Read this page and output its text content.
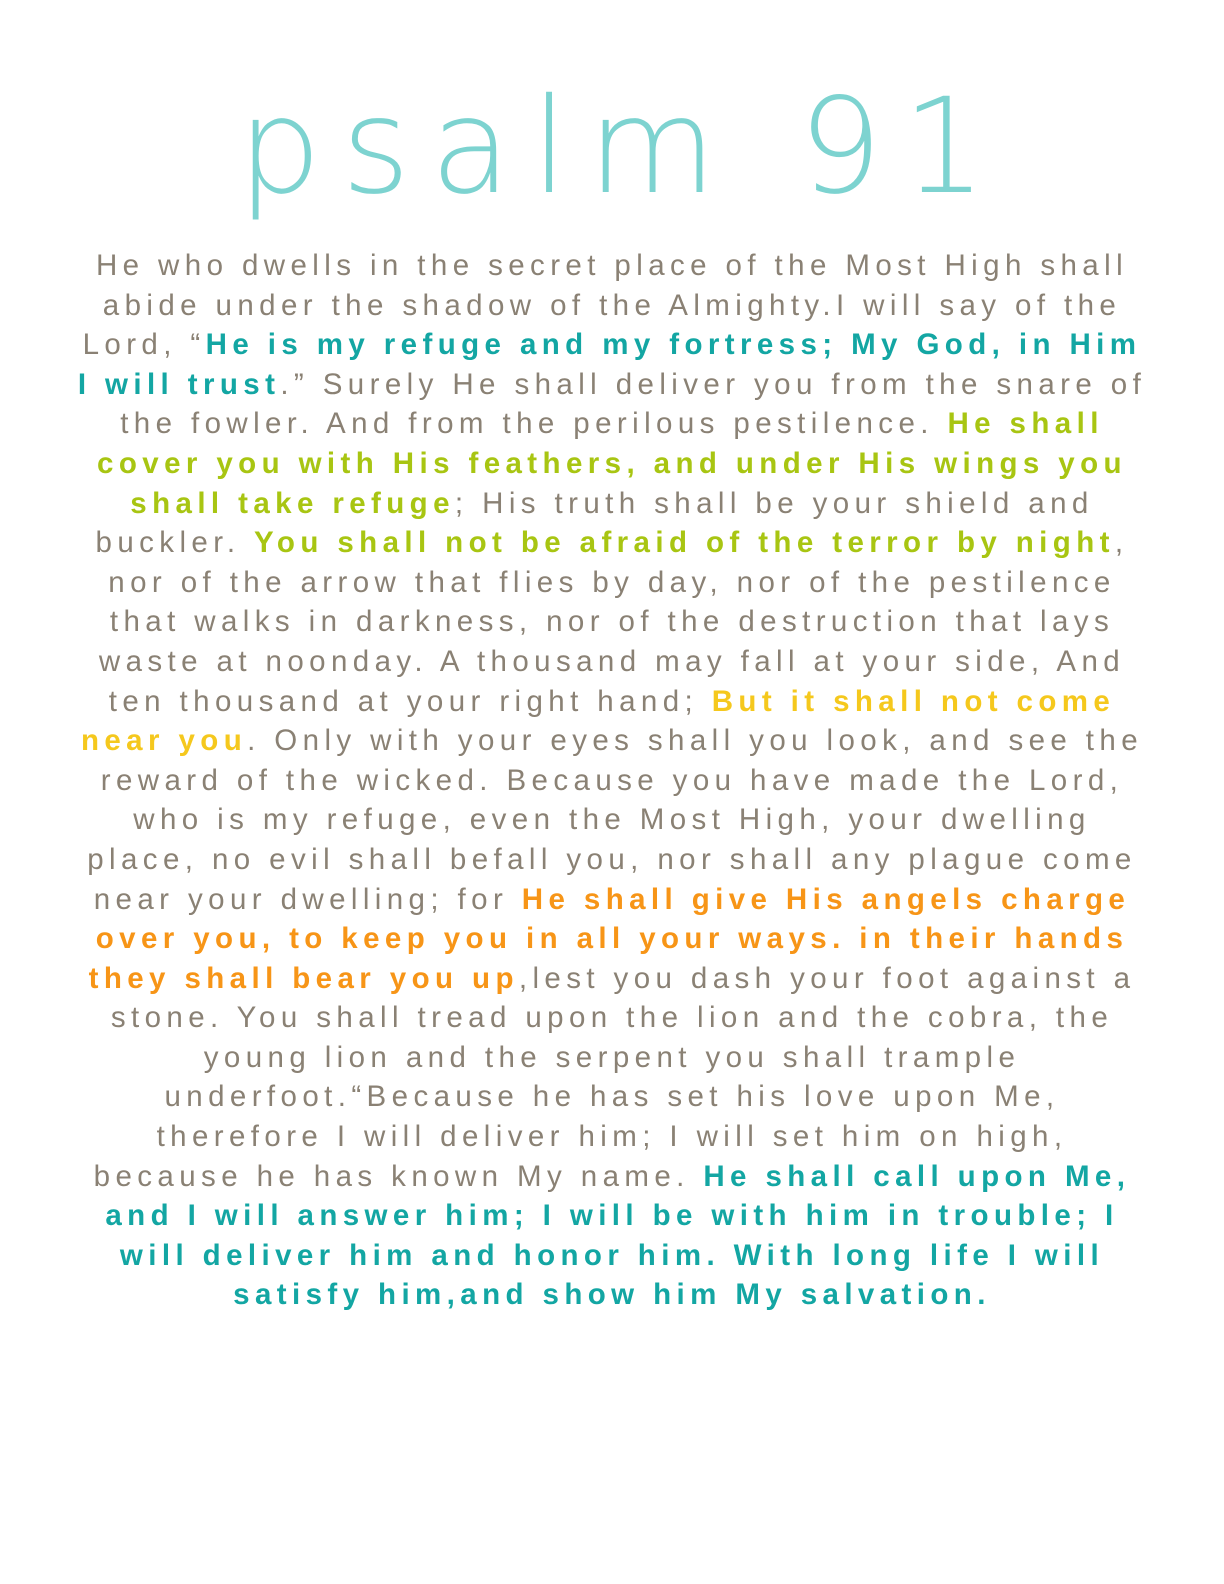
psalm 91

He who dwells in the secret place of the Most High shall abide under the shadow of the Almighty.I will say of the Lord, “He is my refuge and my fortress; My God, in Him I will trust.” Surely He shall deliver you from the snare of the fowler. And from the perilous pestilence. He shall cover you with His feathers, and under His wings you shall take refuge; His truth shall be your shield and buckler. You shall not be afraid of the terror by night, nor of the arrow that flies by day, nor of the pestilence that walks in darkness, nor of the destruction that lays waste at noonday. A thousand may fall at your side, And ten thousand at your right hand; But it shall not come near you. Only with your eyes shall you look, and see the reward of the wicked. Because you have made the Lord, who is my refuge, even the Most High, your dwelling place, no evil shall befall you, nor shall any plague come near your dwelling; for He shall give His angels charge over you, to keep you in all your ways. in their hands they shall bear you up,lest you dash your foot against a stone. You shall tread upon the lion and the cobra, the young lion and the serpent you shall trample underfoot.“Because he has set his love upon Me, therefore I will deliver him; I will set him on high, because he has known My name. He shall call upon Me, and I will answer him; I will be with him in trouble; I will deliver him and honor him. With long life I will satisfy him,and show him My salvation.
